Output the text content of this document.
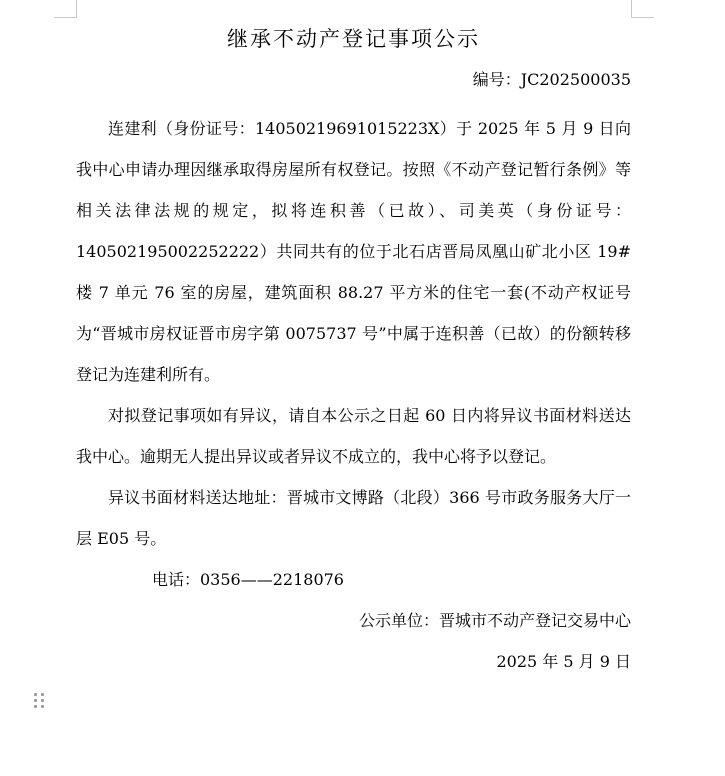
继承不动产登记事项公示
编号：JC202500035

连建利（身份证号：14050219691015223X）于 2025 年 5 月 9 日向我中心申请办理因继承取得房屋所有权登记。按照《不动产登记暂行条例》等相关法律法规的规定，拟将连积善（已故）、司美英（身份证号：140502195002252222）共同共有的位于北石店晋局凤凰山矿北小区 19#楼 7 单元 76 室的房屋，建筑面积 88.27 平方米的住宅一套(不动产权证号为“晋城市房权证晋市房字第 0075737 号”中属于连积善（已故）的份额转移登记为连建利所有。

对拟登记事项如有异议，请自本公示之日起 60 日内将异议书面材料送达我中心。逾期无人提出异议或者异议不成立的，我中心将予以登记。

异议书面材料送达地址：晋城市文博路（北段）366 号市政务服务大厅一层 E05 号。

电话：0356——2218076
公示单位：晋城市不动产登记交易中心
2025 年 5 月 9 日
